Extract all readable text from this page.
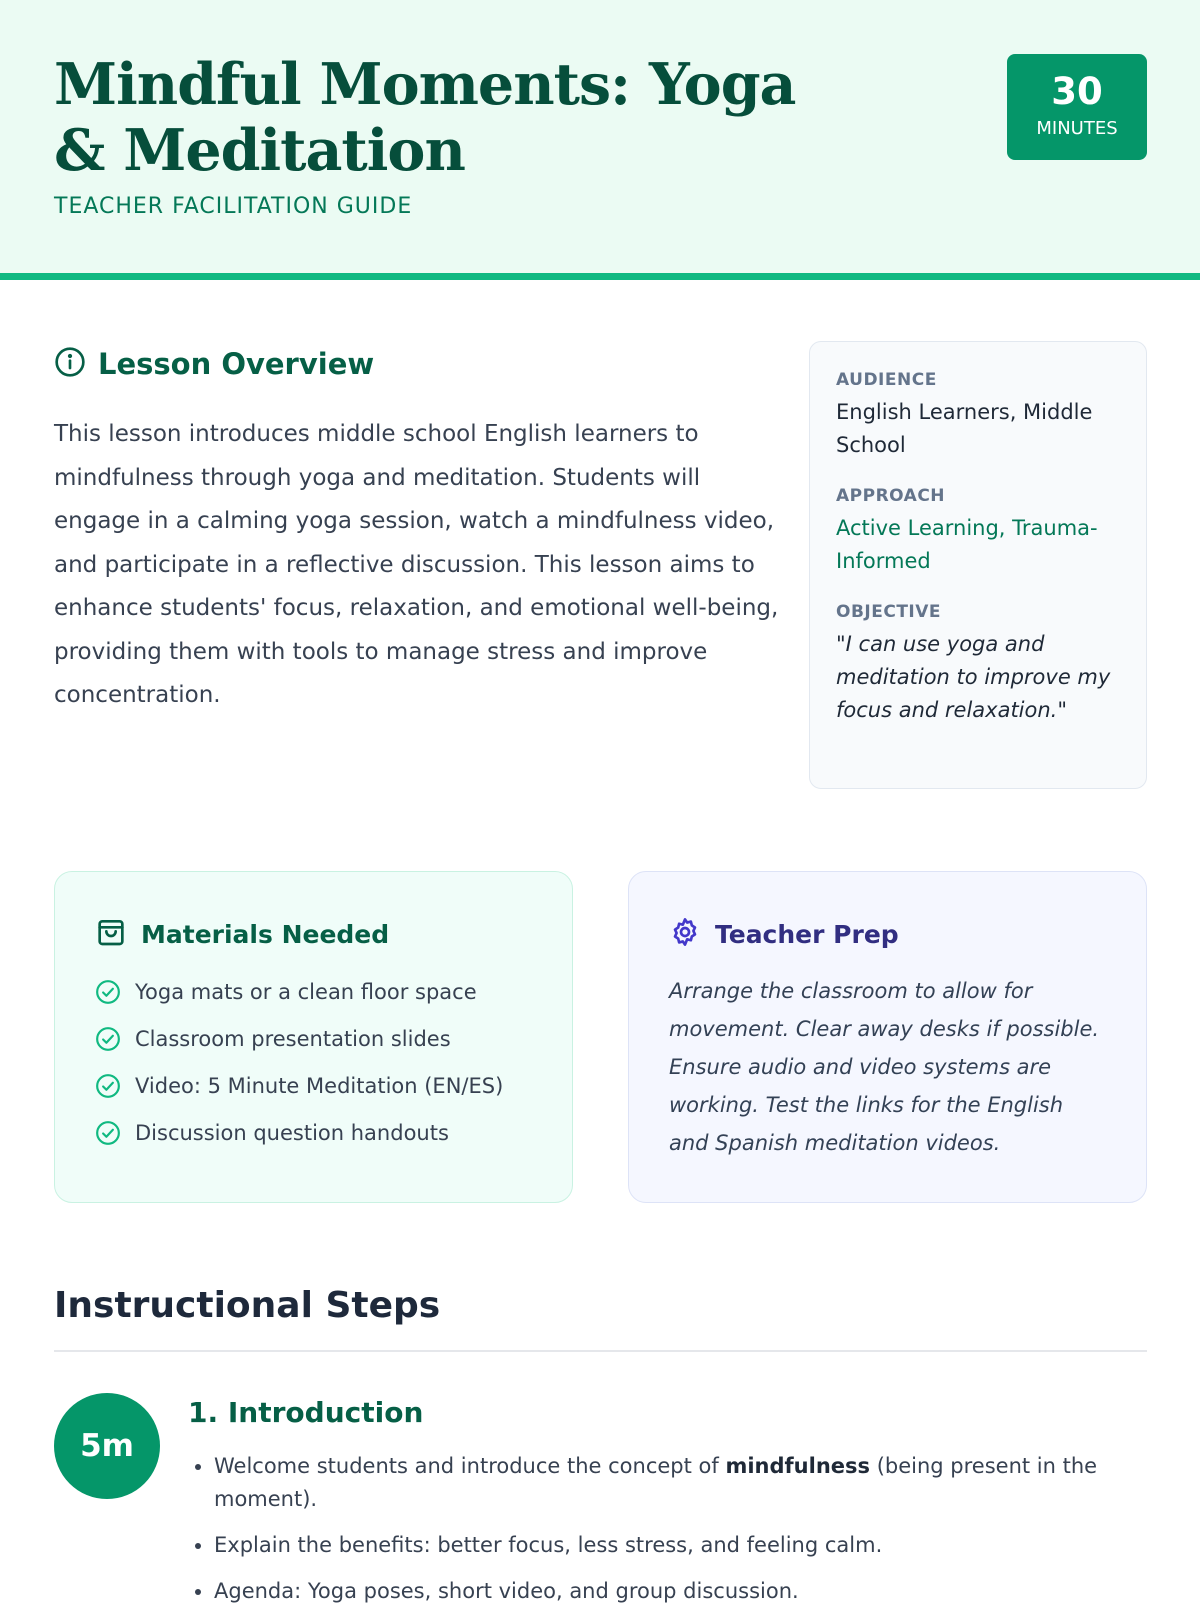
Mindful Moments: Yoga & Meditation
TEACHER FACILITATION GUIDE
30
MINUTES
Lesson Overview

This lesson introduces middle school English learners to mindfulness through yoga and meditation. Students will engage in a calming yoga session, watch a mindfulness video, and participate in a reflective discussion. This lesson aims to enhance students' focus, relaxation, and emotional well-being, providing them with tools to manage stress and improve concentration.

AUDIENCE

English Learners, Middle School

APPROACH

Active Learning, Trauma-Informed

OBJECTIVE

"I can use yoga and meditation to improve my focus and relaxation."

Materials Needed
Yoga mats or a clean floor space
Classroom presentation slides
Video: 5 Minute Meditation (EN/ES)
Discussion question handouts
Teacher Prep

Arrange the classroom to allow for movement. Clear away desks if possible. Ensure audio and video systems are working. Test the links for the English and Spanish meditation videos.

Instructional Steps
5m
1. Introduction
• Welcome students and introduce the concept of mindfulness (being present in the moment).
• Explain the benefits: better focus, less stress, and feeling calm.
• Agenda: Yoga poses, short video, and group discussion.
